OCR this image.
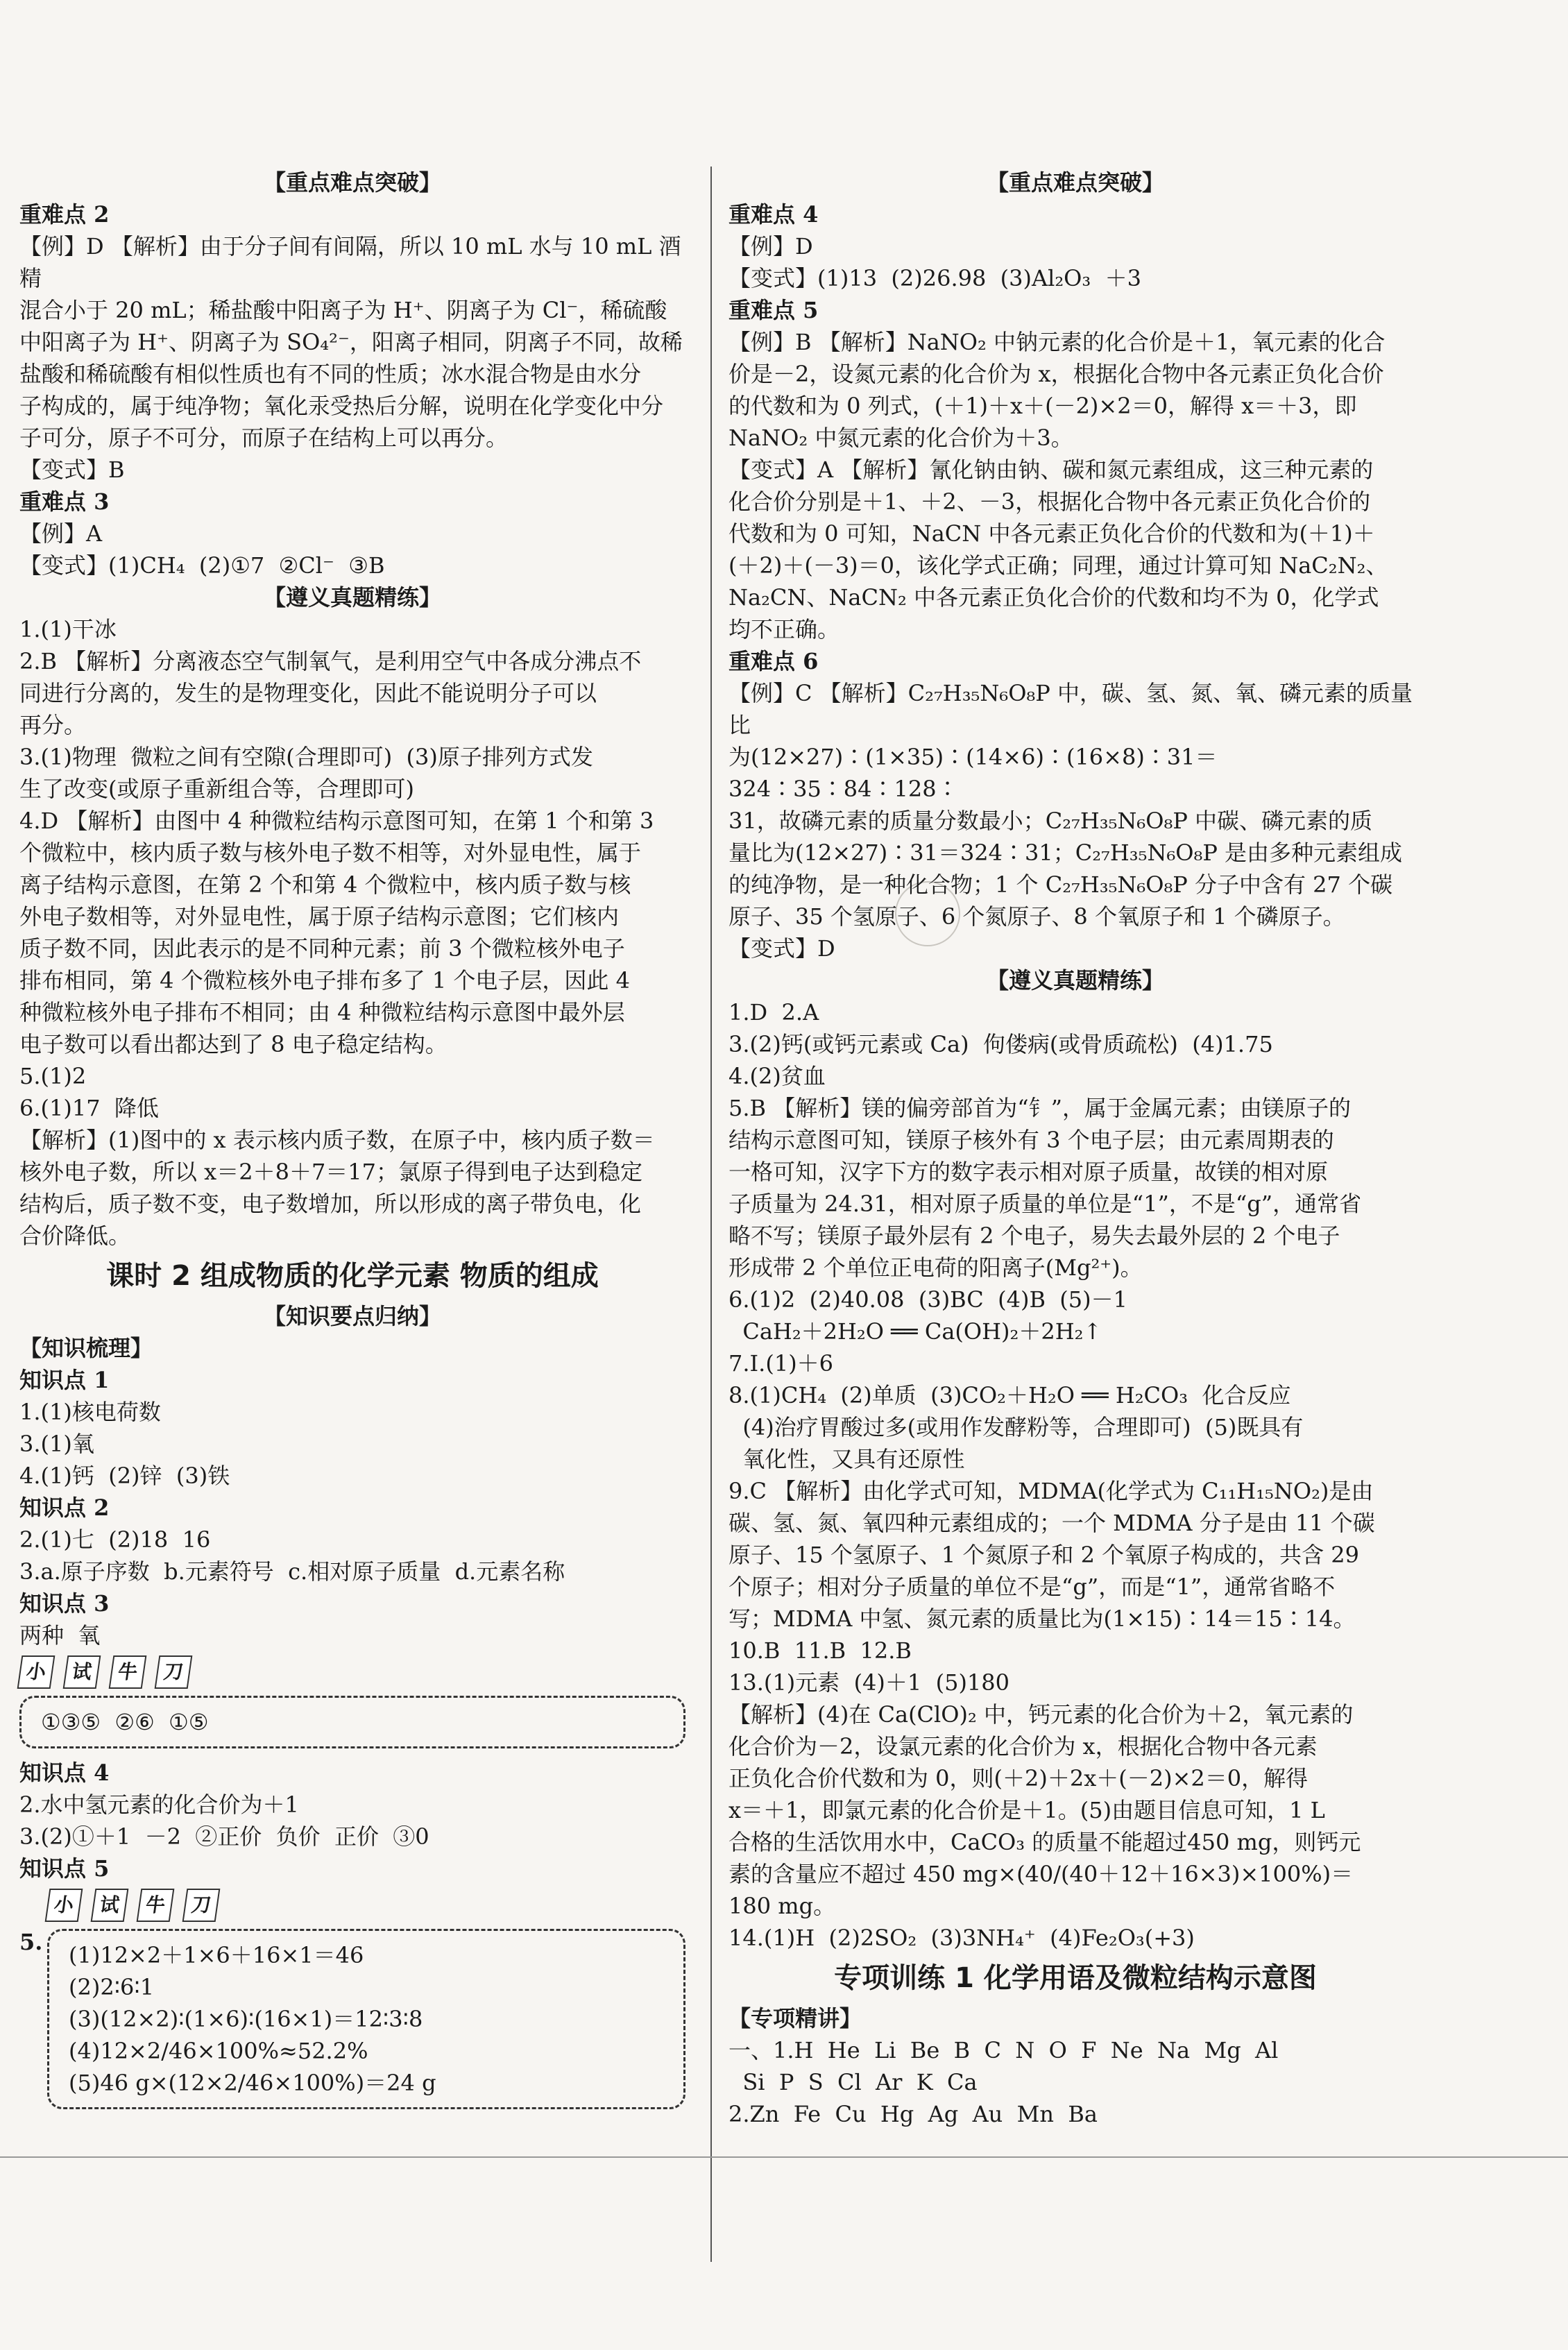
【重点难点突破】

重难点 2

【例】D 【解析】由于分子间有间隔，所以 10 mL 水与 10 mL 酒精

混合小于 20 mL；稀盐酸中阳离子为 H⁺、阴离子为 Cl⁻，稀硫酸

中阳离子为 H⁺、阴离子为 SO₄²⁻，阳离子相同，阴离子不同，故稀

盐酸和稀硫酸有相似性质也有不同的性质；冰水混合物是由水分

子构成的，属于纯净物；氧化汞受热后分解，说明在化学变化中分

子可分，原子不可分，而原子在结构上可以再分。

【变式】B

重难点 3

【例】A

【变式】(1)CH₄  (2)①7  ②Cl⁻  ③B

【遵义真题精练】

1.(1)干冰

2.B 【解析】分离液态空气制氧气，是利用空气中各成分沸点不

同进行分离的，发生的是物理变化，因此不能说明分子可以

再分。

3.(1)物理  微粒之间有空隙(合理即可)  (3)原子排列方式发

生了改变(或原子重新组合等，合理即可)

4.D 【解析】由图中 4 种微粒结构示意图可知，在第 1 个和第 3

个微粒中，核内质子数与核外电子数不相等，对外显电性，属于

离子结构示意图，在第 2 个和第 4 个微粒中，核内质子数与核

外电子数相等，对外显电性，属于原子结构示意图；它们核内

质子数不同，因此表示的是不同种元素；前 3 个微粒核外电子

排布相同，第 4 个微粒核外电子排布多了 1 个电子层，因此 4

种微粒核外电子排布不相同；由 4 种微粒结构示意图中最外层

电子数可以看出都达到了 8 电子稳定结构。

5.(1)2

6.(1)17  降低

【解析】(1)图中的 x 表示核内质子数，在原子中，核内质子数＝

核外电子数，所以 x＝2＋8＋7＝17；氯原子得到电子达到稳定

结构后，质子数不变，电子数增加，所以形成的离子带负电，化

合价降低。

课时 2 组成物质的化学元素 物质的组成

【知识要点归纳】

【知识梳理】

知识点 1

1.(1)核电荷数

3.(1)氧

4.(1)钙  (2)锌  (3)铁

知识点 2

2.(1)七  (2)18  16

3.a.原子序数  b.元素符号  c.相对原子质量  d.元素名称

知识点 3

两种  氧

小 试 牛 刀

①③⑤  ②⑥  ①⑤

知识点 4

2.水中氢元素的化合价为＋1

3.(2)①＋1  －2  ②正价  负价  正价  ③0

知识点 5

5.

小 试 牛 刀

(1)12×2＋1×6＋16×1＝46

(2)2∶6∶1

(3)(12×2)∶(1×6)∶(16×1)＝12∶3∶8

(4)12×2/46×100%≈52.2%

(5)46 g×(12×2/46×100%)＝24 g

【重点难点突破】

重难点 4

【例】D

【变式】(1)13  (2)26.98  (3)Al₂O₃  ＋3

重难点 5

【例】B 【解析】NaNO₂ 中钠元素的化合价是＋1，氧元素的化合

价是－2，设氮元素的化合价为 x，根据化合物中各元素正负化合价

的代数和为 0 列式，(＋1)＋x＋(－2)×2＝0，解得 x＝＋3，即

NaNO₂ 中氮元素的化合价为＋3。

【变式】A 【解析】氰化钠由钠、碳和氮元素组成，这三种元素的

化合价分别是＋1、＋2、－3，根据化合物中各元素正负化合价的

代数和为 0 可知，NaCN 中各元素正负化合价的代数和为(＋1)＋

(＋2)＋(－3)＝0，该化学式正确；同理，通过计算可知 NaC₂N₂、

Na₂CN、NaCN₂ 中各元素正负化合价的代数和均不为 0，化学式

均不正确。

重难点 6

【例】C 【解析】C₂₇H₃₅N₆O₈P 中，碳、氢、氮、氧、磷元素的质量比

为(12×27)∶(1×35)∶(14×6)∶(16×8)∶31＝324∶35∶84∶128∶

31，故磷元素的质量分数最小；C₂₇H₃₅N₆O₈P 中碳、磷元素的质

量比为(12×27)∶31＝324∶31；C₂₇H₃₅N₆O₈P 是由多种元素组成

的纯净物，是一种化合物；1 个 C₂₇H₃₅N₆O₈P 分子中含有 27 个碳

原子、35 个氢原子、6 个氮原子、8 个氧原子和 1 个磷原子。

【变式】D

【遵义真题精练】

1.D  2.A

3.(2)钙(或钙元素或 Ca)  佝偻病(或骨质疏松)  (4)1.75

4.(2)贫血

5.B 【解析】镁的偏旁部首为“钅”，属于金属元素；由镁原子的

结构示意图可知，镁原子核外有 3 个电子层；由元素周期表的

一格可知，汉字下方的数字表示相对原子质量，故镁的相对原

子质量为 24.31，相对原子质量的单位是“1”，不是“g”，通常省

略不写；镁原子最外层有 2 个电子，易失去最外层的 2 个电子

形成带 2 个单位正电荷的阳离子(Mg²⁺)。

6.(1)2  (2)40.08  (3)BC  (4)B  (5)－1

CaH₂＋2H₂O ══ Ca(OH)₂＋2H₂↑

7.Ⅰ.(1)＋6

8.(1)CH₄  (2)单质  (3)CO₂＋H₂O ══ H₂CO₃  化合反应

(4)治疗胃酸过多(或用作发酵粉等，合理即可)  (5)既具有

氧化性，又具有还原性

9.C 【解析】由化学式可知，MDMA(化学式为 C₁₁H₁₅NO₂)是由

碳、氢、氮、氧四种元素组成的；一个 MDMA 分子是由 11 个碳

原子、15 个氢原子、1 个氮原子和 2 个氧原子构成的，共含 29

个原子；相对分子质量的单位不是“g”，而是“1”，通常省略不

写；MDMA 中氢、氮元素的质量比为(1×15)∶14＝15∶14。

10.B  11.B  12.B

13.(1)元素  (4)＋1  (5)180

【解析】(4)在 Ca(ClO)₂ 中，钙元素的化合价为＋2，氧元素的

化合价为－2，设氯元素的化合价为 x，根据化合物中各元素

正负化合价代数和为 0，则(＋2)＋2x＋(－2)×2＝0，解得

x＝＋1，即氯元素的化合价是＋1。(5)由题目信息可知，1 L

合格的生活饮用水中，CaCO₃ 的质量不能超过450 mg，则钙元

素的含量应不超过 450 mg×(40/(40＋12＋16×3)×100%)＝

180 mg。

14.(1)H  (2)2SO₂  (3)3NH₄⁺  (4)Fe₂O₃(+3)

专项训练 1 化学用语及微粒结构示意图

【专项精讲】

一、1.H  He  Li  Be  B  C  N  O  F  Ne  Na  Mg  Al

Si  P  S  Cl  Ar  K  Ca

2.Zn  Fe  Cu  Hg  Ag  Au  Mn  Ba
